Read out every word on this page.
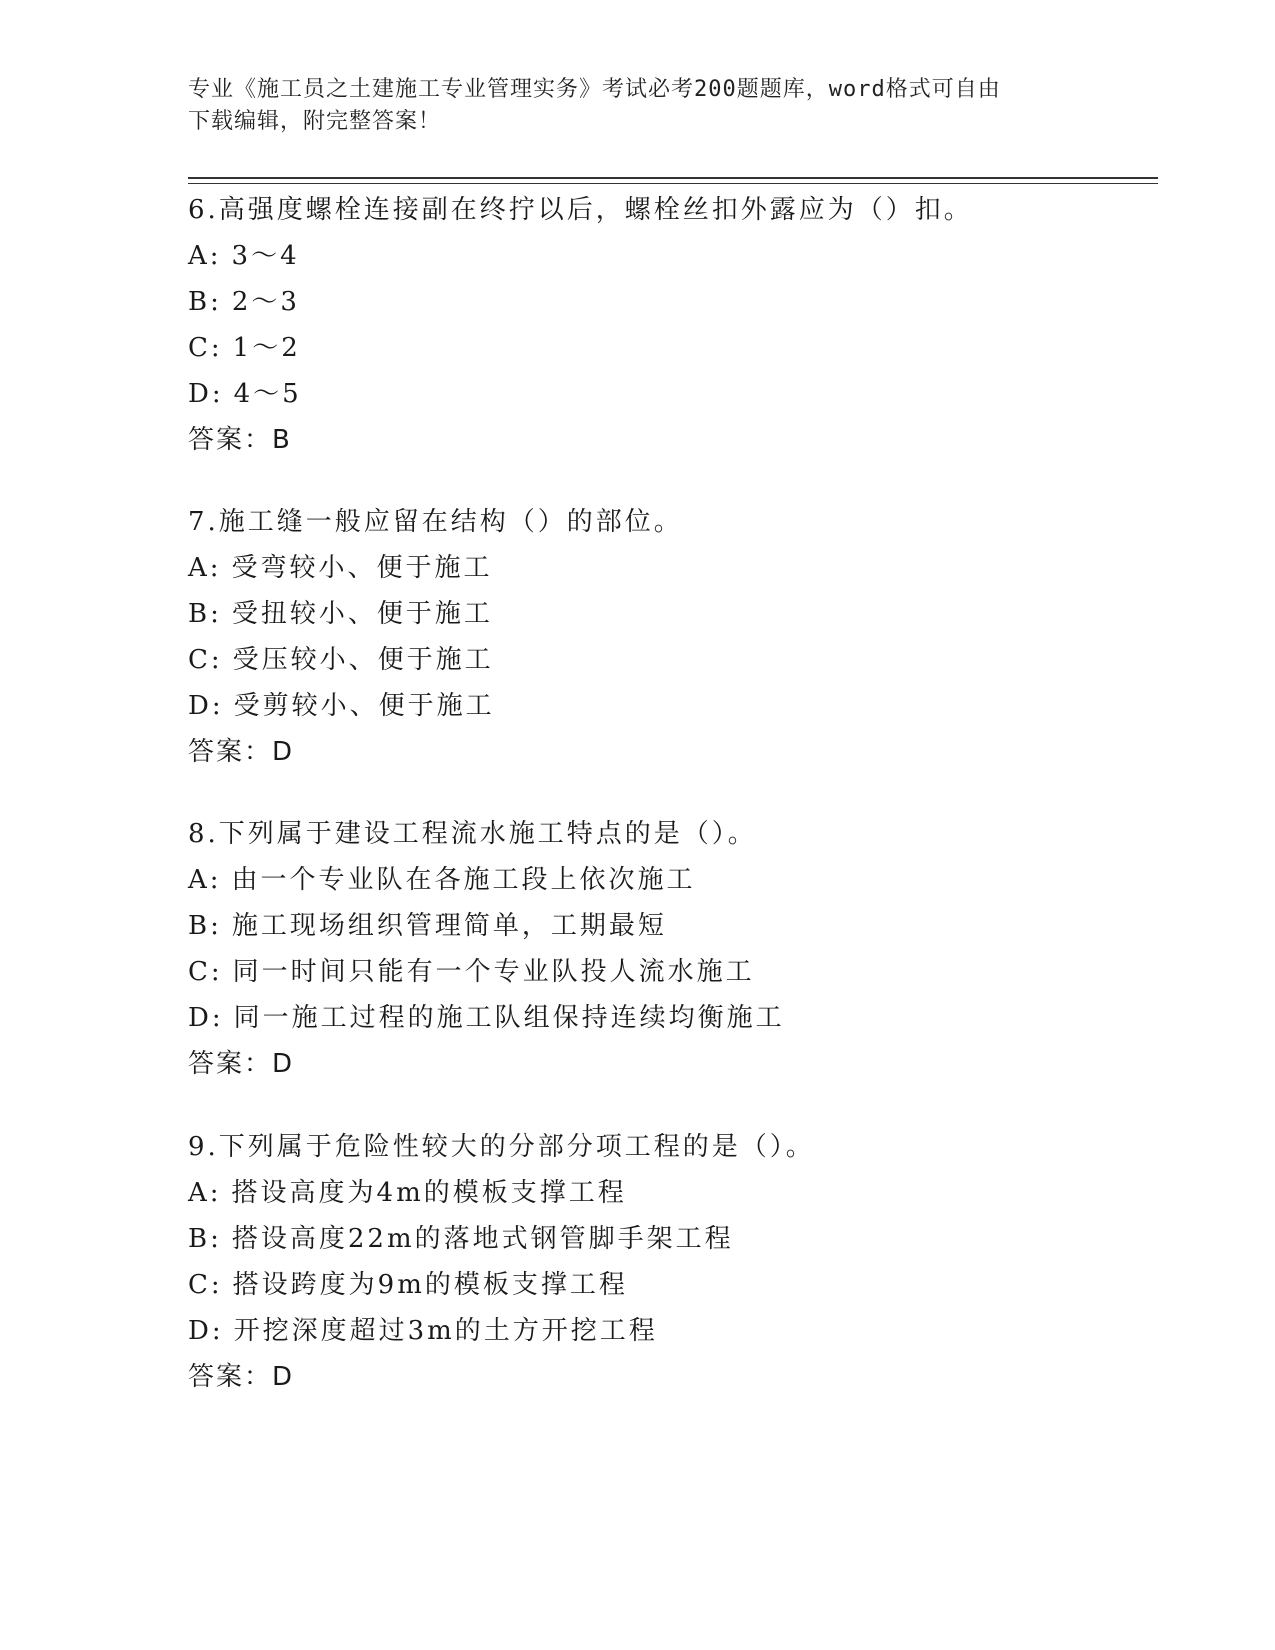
专业《施工员之土建施工专业管理实务》考试必考200题题库，word格式可自由
下载编辑，附完整答案！
6.高强度螺栓连接副在终拧以后，螺栓丝扣外露应为（）扣。
A: 3～4
B: 2～3
C: 1～2
D: 4～5
答案：B
7.施工缝一般应留在结构（）的部位。
A: 受弯较小、便于施工
B: 受扭较小、便于施工
C: 受压较小、便于施工
D: 受剪较小、便于施工
答案：D
8.下列属于建设工程流水施工特点的是（）。
A: 由一个专业队在各施工段上依次施工
B: 施工现场组织管理简单，工期最短
C: 同一时间只能有一个专业队投人流水施工
D: 同一施工过程的施工队组保持连续均衡施工
答案：D
9.下列属于危险性较大的分部分项工程的是（）。
A: 搭设高度为4m的模板支撑工程
B: 搭设高度22m的落地式钢管脚手架工程
C: 搭设跨度为9m的模板支撑工程
D: 开挖深度超过3m的土方开挖工程
答案：D
